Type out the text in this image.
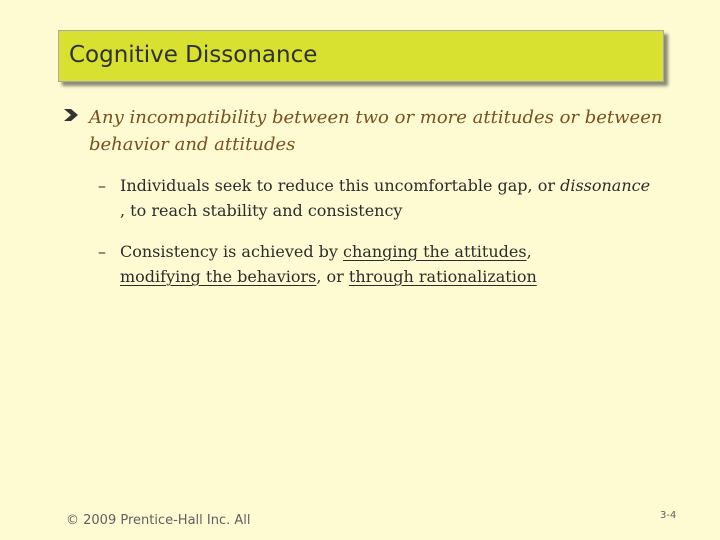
Cognitive Dissonance
Any incompatibility between two or more attitudes or between behavior and attitudes
– Individuals seek to reduce this uncomfortable gap, or dissonance , to reach stability and consistency
– Consistency is achieved by changing the attitudes,
modifying the behaviors, or through rationalization
© 2009 Prentice-Hall Inc. All	3-4
